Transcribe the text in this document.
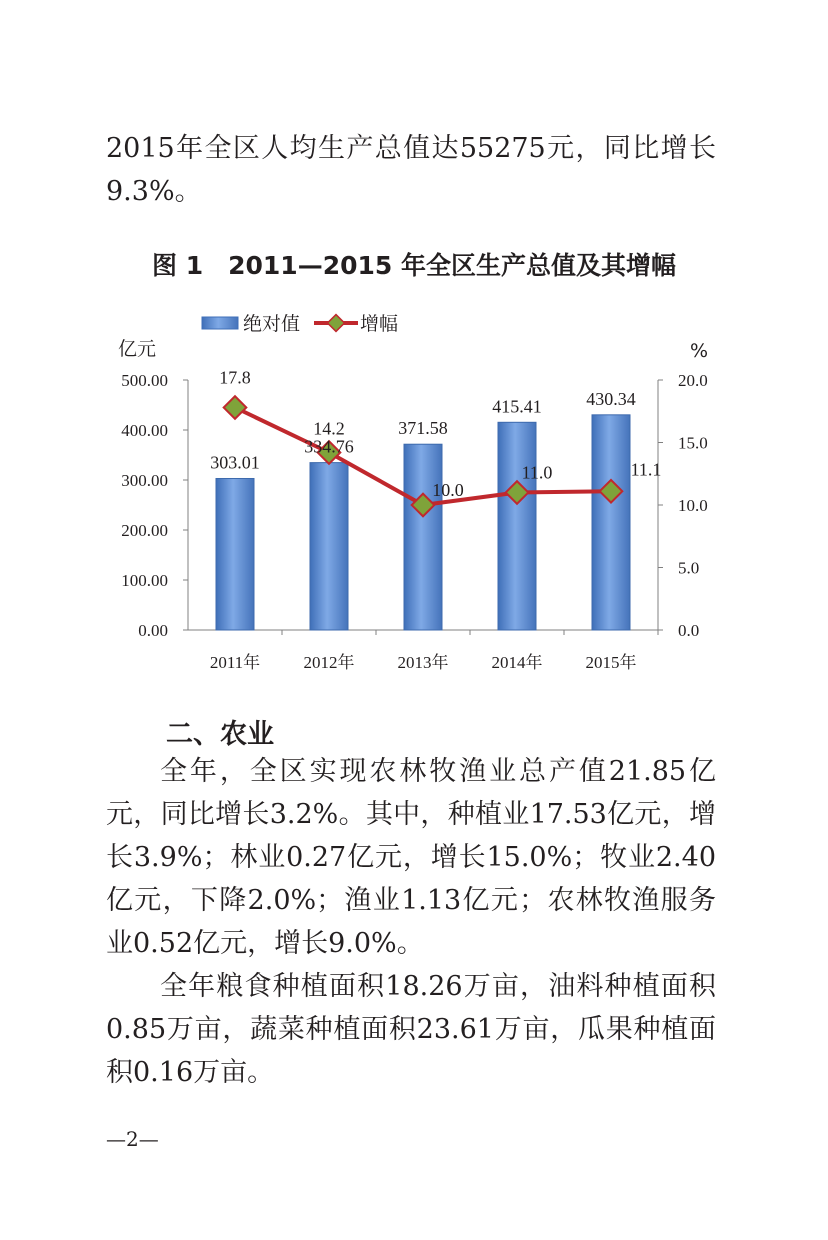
2015年全区人均生产总值达55275元，同比增长9.3%。
图 1　2011—2015 年全区生产总值及其增幅
绝对值	增幅
亿元	%
0.00
100.00
200.00
300.00
400.00
500.00
0.0
5.0
10.0
15.0
20.0
2011年	2012年	2013年	2014年	2015年
303.01
334.76
371.58
415.41 430.34
17.8
14.2
10.0
11.0	11.1
二、农业
全年，全区实现农林牧渔业总产值21.85亿元，同比增长3.2%。其中，种植业17.53亿元，增长3.9%；林业0.27亿元，增长15.0%；牧业2.40亿元，下降2.0%；渔业1.13亿元；农林牧渔服务业0.52亿元，增长9.0%。
全年粮食种植面积18.26万亩，油料种植面积0.85万亩，蔬菜种植面积23.61万亩，瓜果种植面积0.16万亩。
—2—
